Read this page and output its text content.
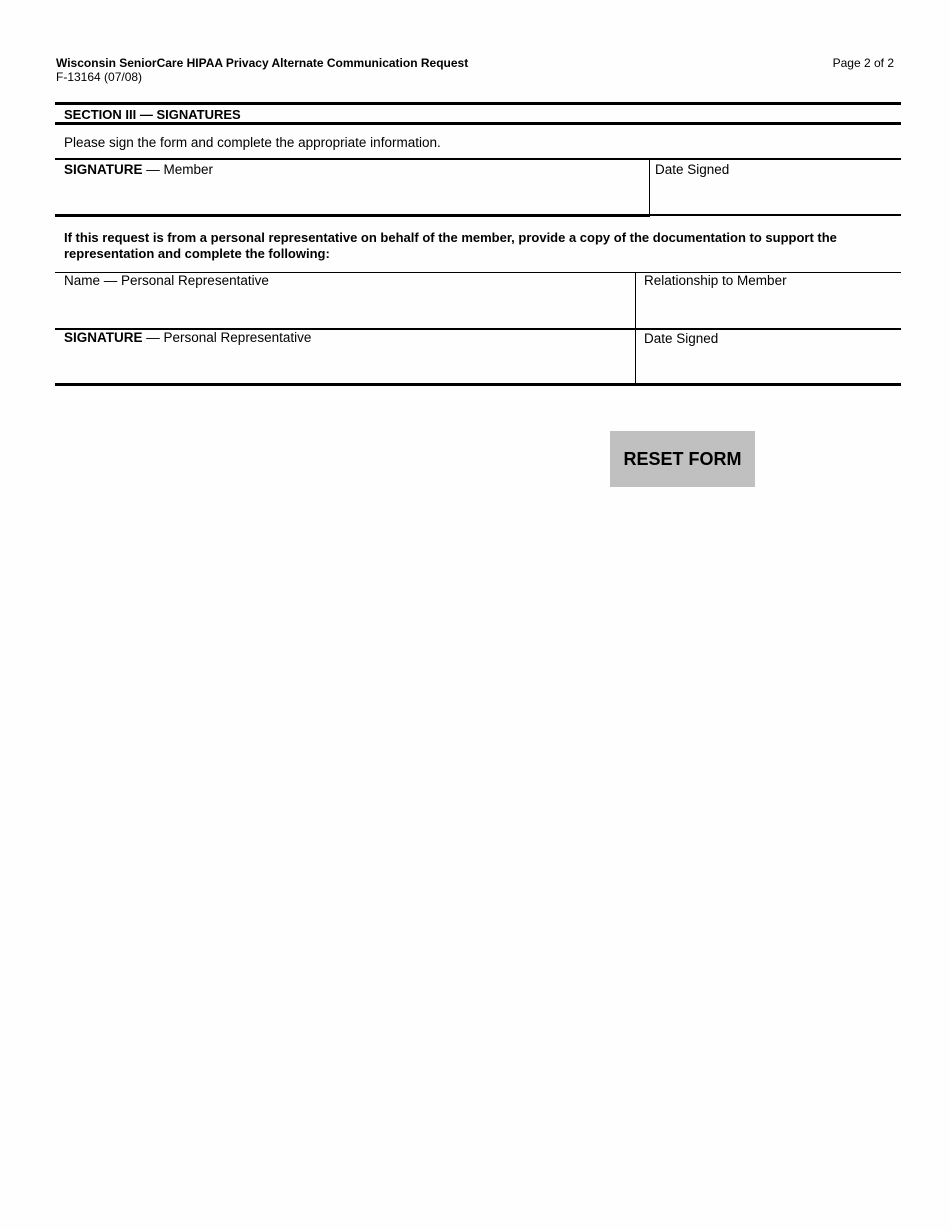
Wisconsin SeniorCare HIPAA Privacy Alternate Communication Request
F-13164 (07/08)
Page 2 of 2
SECTION III — SIGNATURES
Please sign the form and complete the appropriate information.
SIGNATURE — Member	Date Signed
If this request is from a personal representative on behalf of the member, provide a copy of the documentation to support the representation and complete the following:
Name — Personal Representative	Relationship to Member
SIGNATURE — Personal Representative	Date Signed
RESET FORM
